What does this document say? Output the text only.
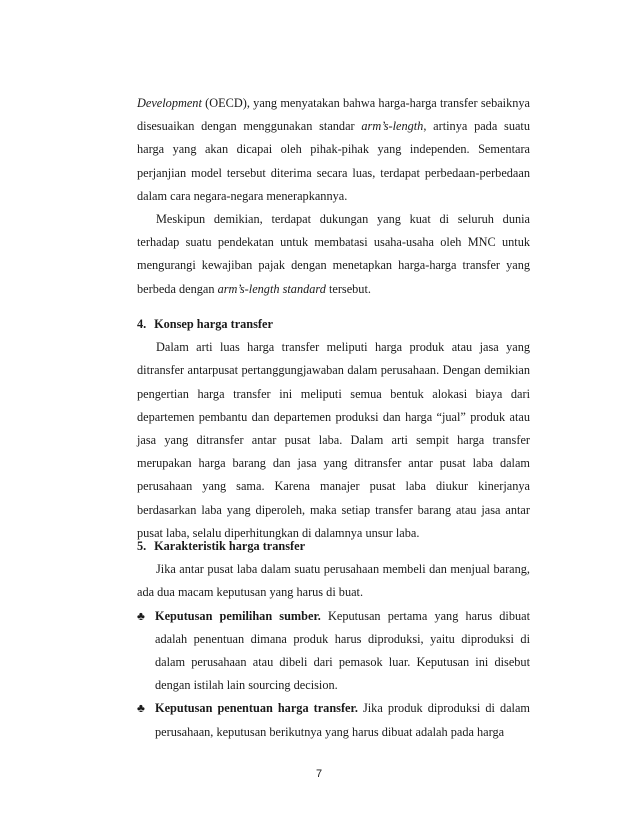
Development (OECD), yang menyatakan bahwa harga-harga transfer sebaiknya disesuaikan dengan menggunakan standar arm’s-length, artinya pada suatu harga yang akan dicapai oleh pihak-pihak yang independen. Sementara perjanjian model tersebut diterima secara luas, terdapat perbedaan-perbedaan dalam cara negara-negara menerapkannya.

Meskipun demikian, terdapat dukungan yang kuat di seluruh dunia terhadap suatu pendekatan untuk membatasi usaha-usaha oleh MNC untuk mengurangi kewajiban pajak dengan menetapkan harga-harga transfer yang berbeda dengan arm’s-length standard tersebut.

4. Konsep harga transfer

Dalam arti luas harga transfer meliputi harga produk atau jasa yang ditransfer antarpusat pertanggungjawaban dalam perusahaan. Dengan demikian pengertian harga transfer ini meliputi semua bentuk alokasi biaya dari departemen pembantu dan departemen produksi dan harga “jual” produk atau jasa yang ditransfer antar pusat laba. Dalam arti sempit harga transfer merupakan harga barang dan jasa yang ditransfer antar pusat laba dalam perusahaan yang sama. Karena manajer pusat laba diukur kinerjanya berdasarkan laba yang diperoleh, maka setiap transfer barang atau jasa antar pusat laba, selalu diperhitungkan di dalamnya unsur laba.

5. Karakteristik harga transfer

Jika antar pusat laba dalam suatu perusahaan membeli dan menjual barang, ada dua macam keputusan yang harus di buat.

♣ Keputusan pemilihan sumber. Keputusan pertama yang harus dibuat adalah penentuan dimana produk harus diproduksi, yaitu diproduksi di dalam perusahaan atau dibeli dari pemasok luar. Keputusan ini disebut dengan istilah lain sourcing decision.
♣ Keputusan penentuan harga transfer. Jika produk diproduksi di dalam perusahaan, keputusan berikutnya yang harus dibuat adalah pada harga
7
